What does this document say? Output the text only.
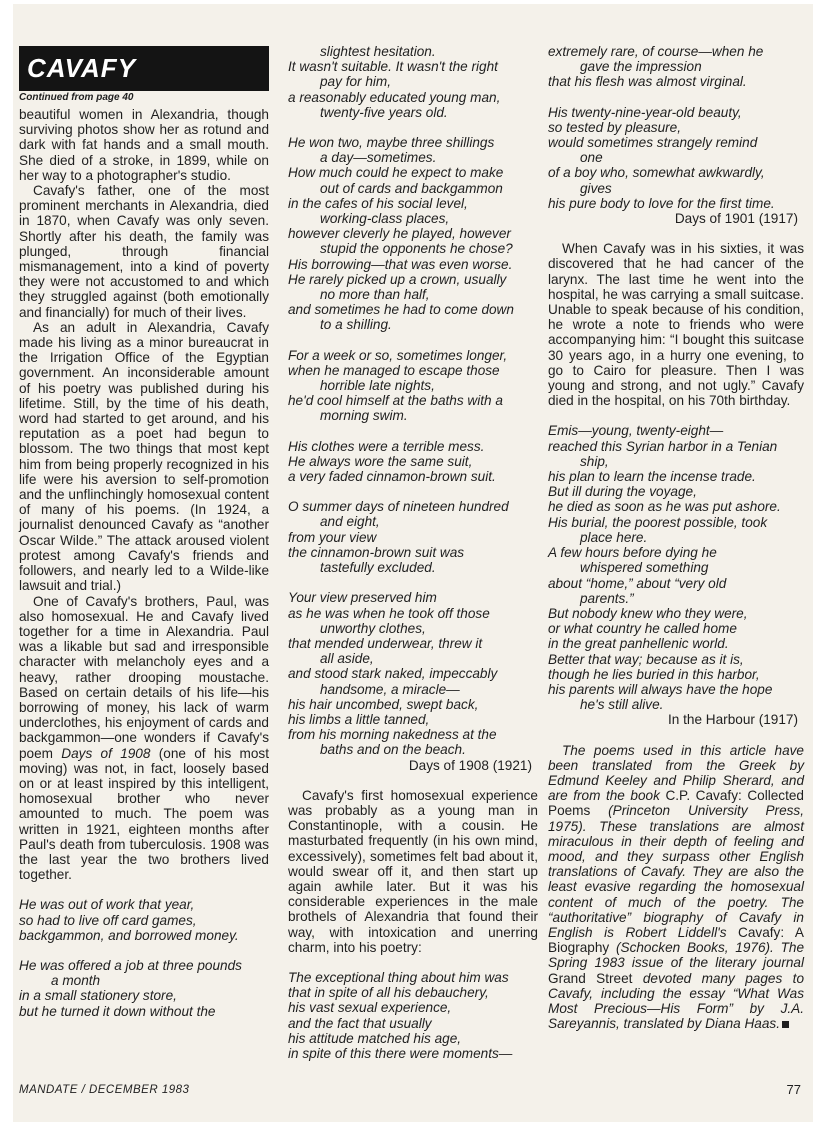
CAVAFY
Continued from page 40

beautiful women in Alexandria, though surviving photos show her as rotund and dark with fat hands and a small mouth. She died of a stroke, in 1899, while on her way to a photographer's studio.

Cavafy's father, one of the most prominent merchants in Alexandria, died in 1870, when Cavafy was only seven. Shortly after his death, the family was plunged, through financial mismanagement, into a kind of poverty they were not accustomed to and which they struggled against (both emotionally and financially) for much of their lives.

As an adult in Alexandria, Cavafy made his living as a minor bureaucrat in the Irrigation Office of the Egyptian government. An inconsiderable amount of his poetry was published during his lifetime. Still, by the time of his death, word had started to get around, and his reputation as a poet had begun to blossom. The two things that most kept him from being properly recognized in his life were his aversion to self-promotion and the unflinchingly homosexual content of many of his poems. (In 1924, a journalist denounced Cavafy as “another Oscar Wilde.” The attack aroused violent protest among Cavafy's friends and followers, and nearly led to a Wilde-like lawsuit and trial.)

One of Cavafy's brothers, Paul, was also homosexual. He and Cavafy lived together for a time in Alexandria. Paul was a likable but sad and irresponsible character with melancholy eyes and a heavy, rather drooping moustache. Based on certain details of his life—his borrowing of money, his lack of warm underclothes, his enjoyment of cards and backgammon—one wonders if Cavafy's poem Days of 1908 (one of his most moving) was not, in fact, loosely based on or at least inspired by this intelligent, homosexual brother who never amounted to much. The poem was written in 1921, eighteen months after Paul's death from tuberculosis. 1908 was the last year the two brothers lived together.

He was out of work that year,
so had to live off card games,
backgammon, and borrowed money.
He was offered a job at three pounds
a month
in a small stationery store,
but he turned it down without the
slightest hesitation.
It wasn't suitable. It wasn't the right
pay for him,
a reasonably educated young man,
twenty-five years old.
He won two, maybe three shillings
a day—sometimes.
How much could he expect to make
out of cards and backgammon
in the cafes of his social level,
working-class places,
however cleverly he played, however
stupid the opponents he chose?
His borrowing—that was even worse.
He rarely picked up a crown, usually
no more than half,
and sometimes he had to come down
to a shilling.
For a week or so, sometimes longer,
when he managed to escape those
horrible late nights,
he'd cool himself at the baths with a
morning swim.
His clothes were a terrible mess.
He always wore the same suit,
a very faded cinnamon-brown suit.
O summer days of nineteen hundred
and eight,
from your view
the cinnamon-brown suit was
tastefully excluded.
Your view preserved him
as he was when he took off those
unworthy clothes,
that mended underwear, threw it
all aside,
and stood stark naked, impeccably
handsome, a miracle—
his hair uncombed, swept back,
his limbs a little tanned,
from his morning nakedness at the
baths and on the beach.
Days of 1908 (1921)

Cavafy's first homosexual experience was probably as a young man in Constantinople, with a cousin. He masturbated frequently (in his own mind, excessively), sometimes felt bad about it, would swear off it, and then start up again awhile later. But it was his considerable experiences in the male brothels of Alexandria that found their way, with intoxication and unerring charm, into his poetry:

The exceptional thing about him was
that in spite of all his debauchery,
his vast sexual experience,
and the fact that usually
his attitude matched his age,
in spite of this there were moments—
extremely rare, of course—when he
gave the impression
that his flesh was almost virginal.
His twenty-nine-year-old beauty,
so tested by pleasure,
would sometimes strangely remind
one
of a boy who, somewhat awkwardly,
gives
his pure body to love for the first time.
Days of 1901 (1917)

When Cavafy was in his sixties, it was discovered that he had cancer of the larynx. The last time he went into the hospital, he was carrying a small suitcase. Unable to speak because of his condition, he wrote a note to friends who were accompanying him: “I bought this suitcase 30 years ago, in a hurry one evening, to go to Cairo for pleasure. Then I was young and strong, and not ugly.” Cavafy died in the hospital, on his 70th birthday.

Emis—young, twenty-eight—
reached this Syrian harbor in a Tenian
ship,
his plan to learn the incense trade.
But ill during the voyage,
he died as soon as he was put ashore.
His burial, the poorest possible, took
place here.
A few hours before dying he
whispered something
about “home,” about “very old
parents.”
But nobody knew who they were,
or what country he called home
in the great panhellenic world.
Better that way; because as it is,
though he lies buried in this harbor,
his parents will always have the hope
he's still alive.
In the Harbour (1917)

The poems used in this article have been translated from the Greek by Edmund Keeley and Philip Sherard, and are from the book C.P. Cavafy: Collected Poems (Princeton University Press, 1975). These translations are almost miraculous in their depth of feeling and mood, and they surpass other English translations of Cavafy. They are also the least evasive regarding the homosexual content of much of the poetry. The “authoritative” biography of Cavafy in English is Robert Liddell's Cavafy: A Biography (Schocken Books, 1976). The Spring 1983 issue of the literary journal Grand Street devoted many pages to Cavafy, including the essay “What Was Most Precious—His Form” by J.A. Sareyannis, translated by Diana Haas.

MANDATE / DECEMBER 1983	77
